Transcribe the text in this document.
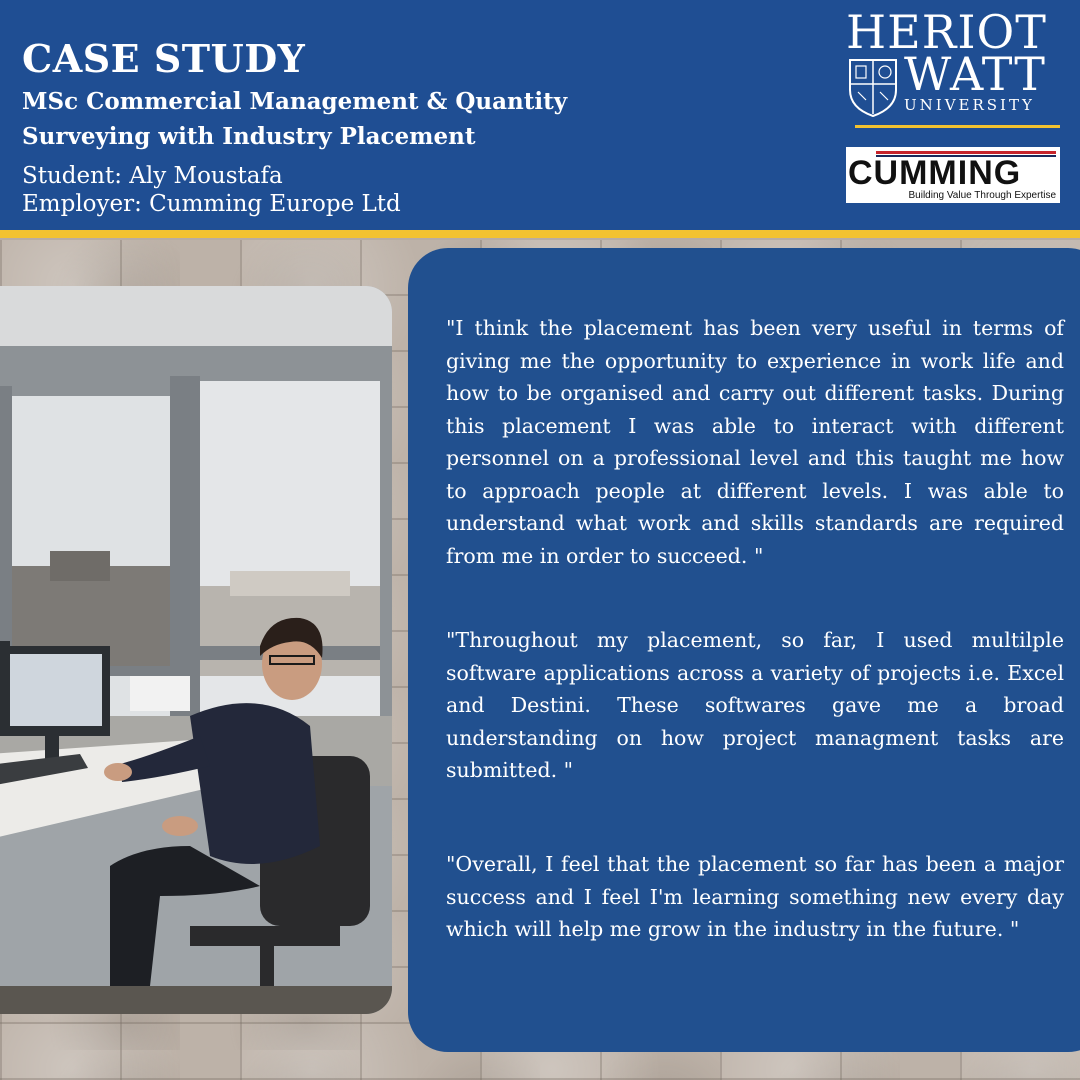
CASE STUDY

MSc Commercial Management & Quantity Surveying with Industry Placement

Student: Aly Moustafa
Employer: Cumming Europe Ltd
HERIOT
WATT
UNIVERSITY
CUMMING
Building Value Through Expertise

"I think the placement has been very useful in terms of giving me the opportunity to experience in work life and how to be organised and carry out different tasks. During this placement I was able to interact with different personnel on a professional level and this taught me how to approach people at different levels. I was able to understand what work and skills standards are required from me in order to succeed. "

"Throughout my placement, so far, I used multilple software applications across a variety of projects i.e. Excel and Destini. These softwares gave me a broad understanding on how project managment tasks are submitted. "

"Overall, I feel that the placement so far has been a major success and I feel I'm learning something new every day which will help me grow in the industry in the future. "
